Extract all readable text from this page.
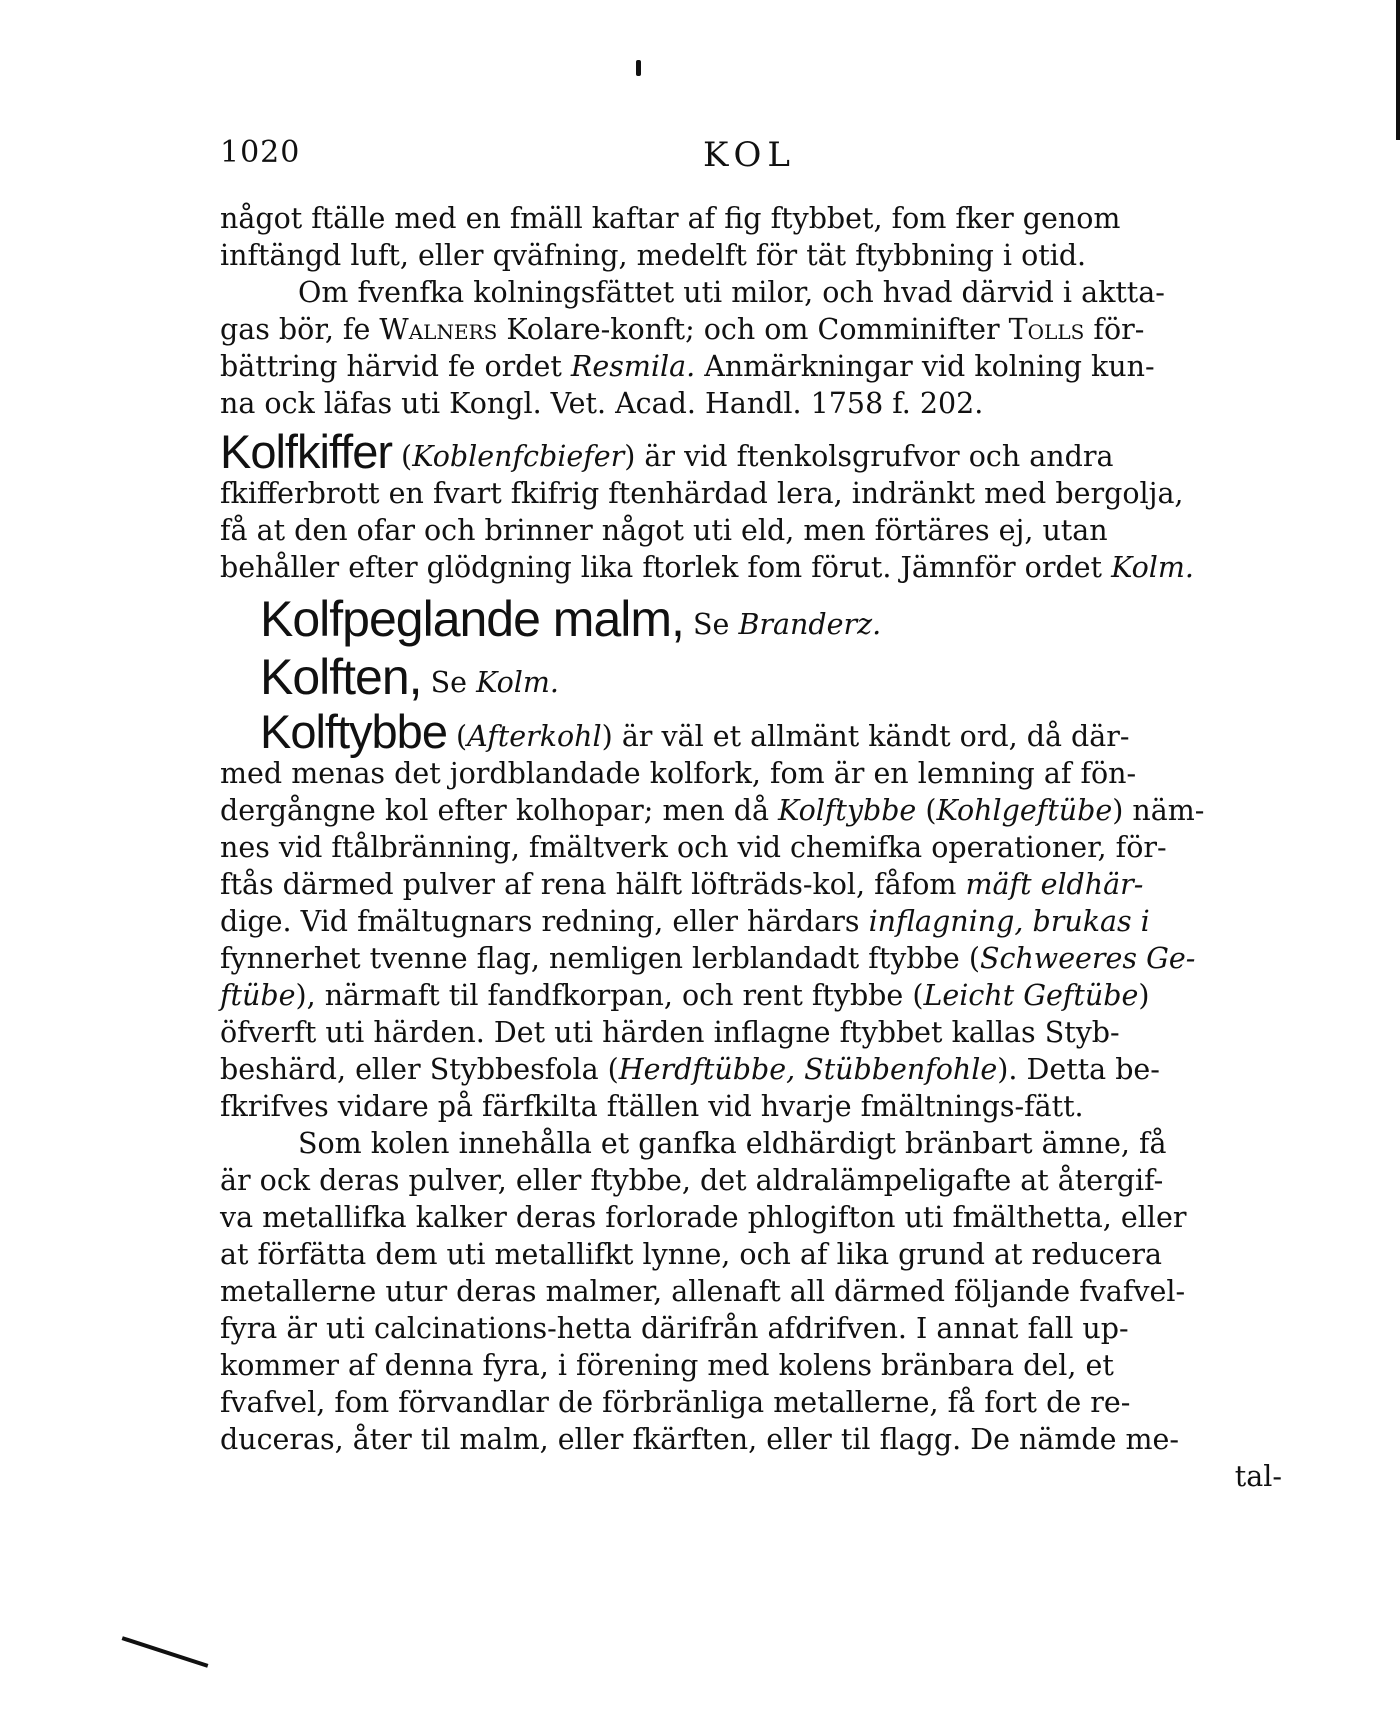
1020	KOL

något ftälle med en fmäll kaftar af fig ftybbet, fom fker genom
inftängd luft, eller qväfning, medelft för tät ftybbning i otid.

Om fvenfka kolningsfättet uti milor, och hvad därvid i aktta-
gas bör, fe Walners Kolare-konft; och om Comminifter Tolls för-
bättring härvid fe ordet Resmila. Anmärkningar vid kolning kun-
na ock läfas uti Kongl. Vet. Acad. Handl. 1758 f. 202.

Kolfkiffer (Koblenfcbiefer) är vid ftenkolsgrufvor och andra
fkifferbrott en fvart fkifrig ftenhärdad lera, indränkt med bergolja,
få at den ofar och brinner något uti eld, men förtäres ej, utan
behåller efter glödgning lika ftorlek fom förut. Jämnför ordet Kolm.

Kolfpeglande malm, Se Branderz.
Kolften, Se Kolm.

Kolftybbe (Afterkohl) är väl et allmänt kändt ord, då där-
med menas det jordblandade kolfork, fom är en lemning af fön-
dergångne kol efter kolhopar; men då Kolftybbe (Kohlgeftübe) näm-
nes vid ftålbränning, fmältverk och vid chemifka operationer, för-
ftås därmed pulver af rena hälft löfträds-kol, fåfom mäft eldhär-
dige. Vid fmältugnars redning, eller härdars inflagning, brukas i
fynnerhet tvenne flag, nemligen lerblandadt ftybbe (Schweeres Ge-
ftübe), närmaft til fandfkorpan, och rent ftybbe (Leicht Geftübe)
öfverft uti härden. Det uti härden inflagne ftybbet kallas Styb-
beshärd, eller Stybbesfola (Herdftübbe, Stübbenfohle). Detta be-
fkrifves vidare på färfkilta ftällen vid hvarje fmältnings-fätt.

Som kolen innehålla et ganfka eldhärdigt bränbart ämne, få
är ock deras pulver, eller ftybbe, det aldralämpeligafte at återgif-
va metallifka kalker deras forlorade phlogifton uti fmälthetta, eller
at förfätta dem uti metallifkt lynne, och af lika grund at reducera
metallerne utur deras malmer, allenaft all därmed följande fvafvel-
fyra är uti calcinations-hetta därifrån afdrifven. I annat fall up-
kommer af denna fyra, i förening med kolens bränbara del, et
fvafvel, fom förvandlar de förbränliga metallerne, få fort de re-
duceras, åter til malm, eller fkärften, eller til flagg. De nämde me-

tal-
